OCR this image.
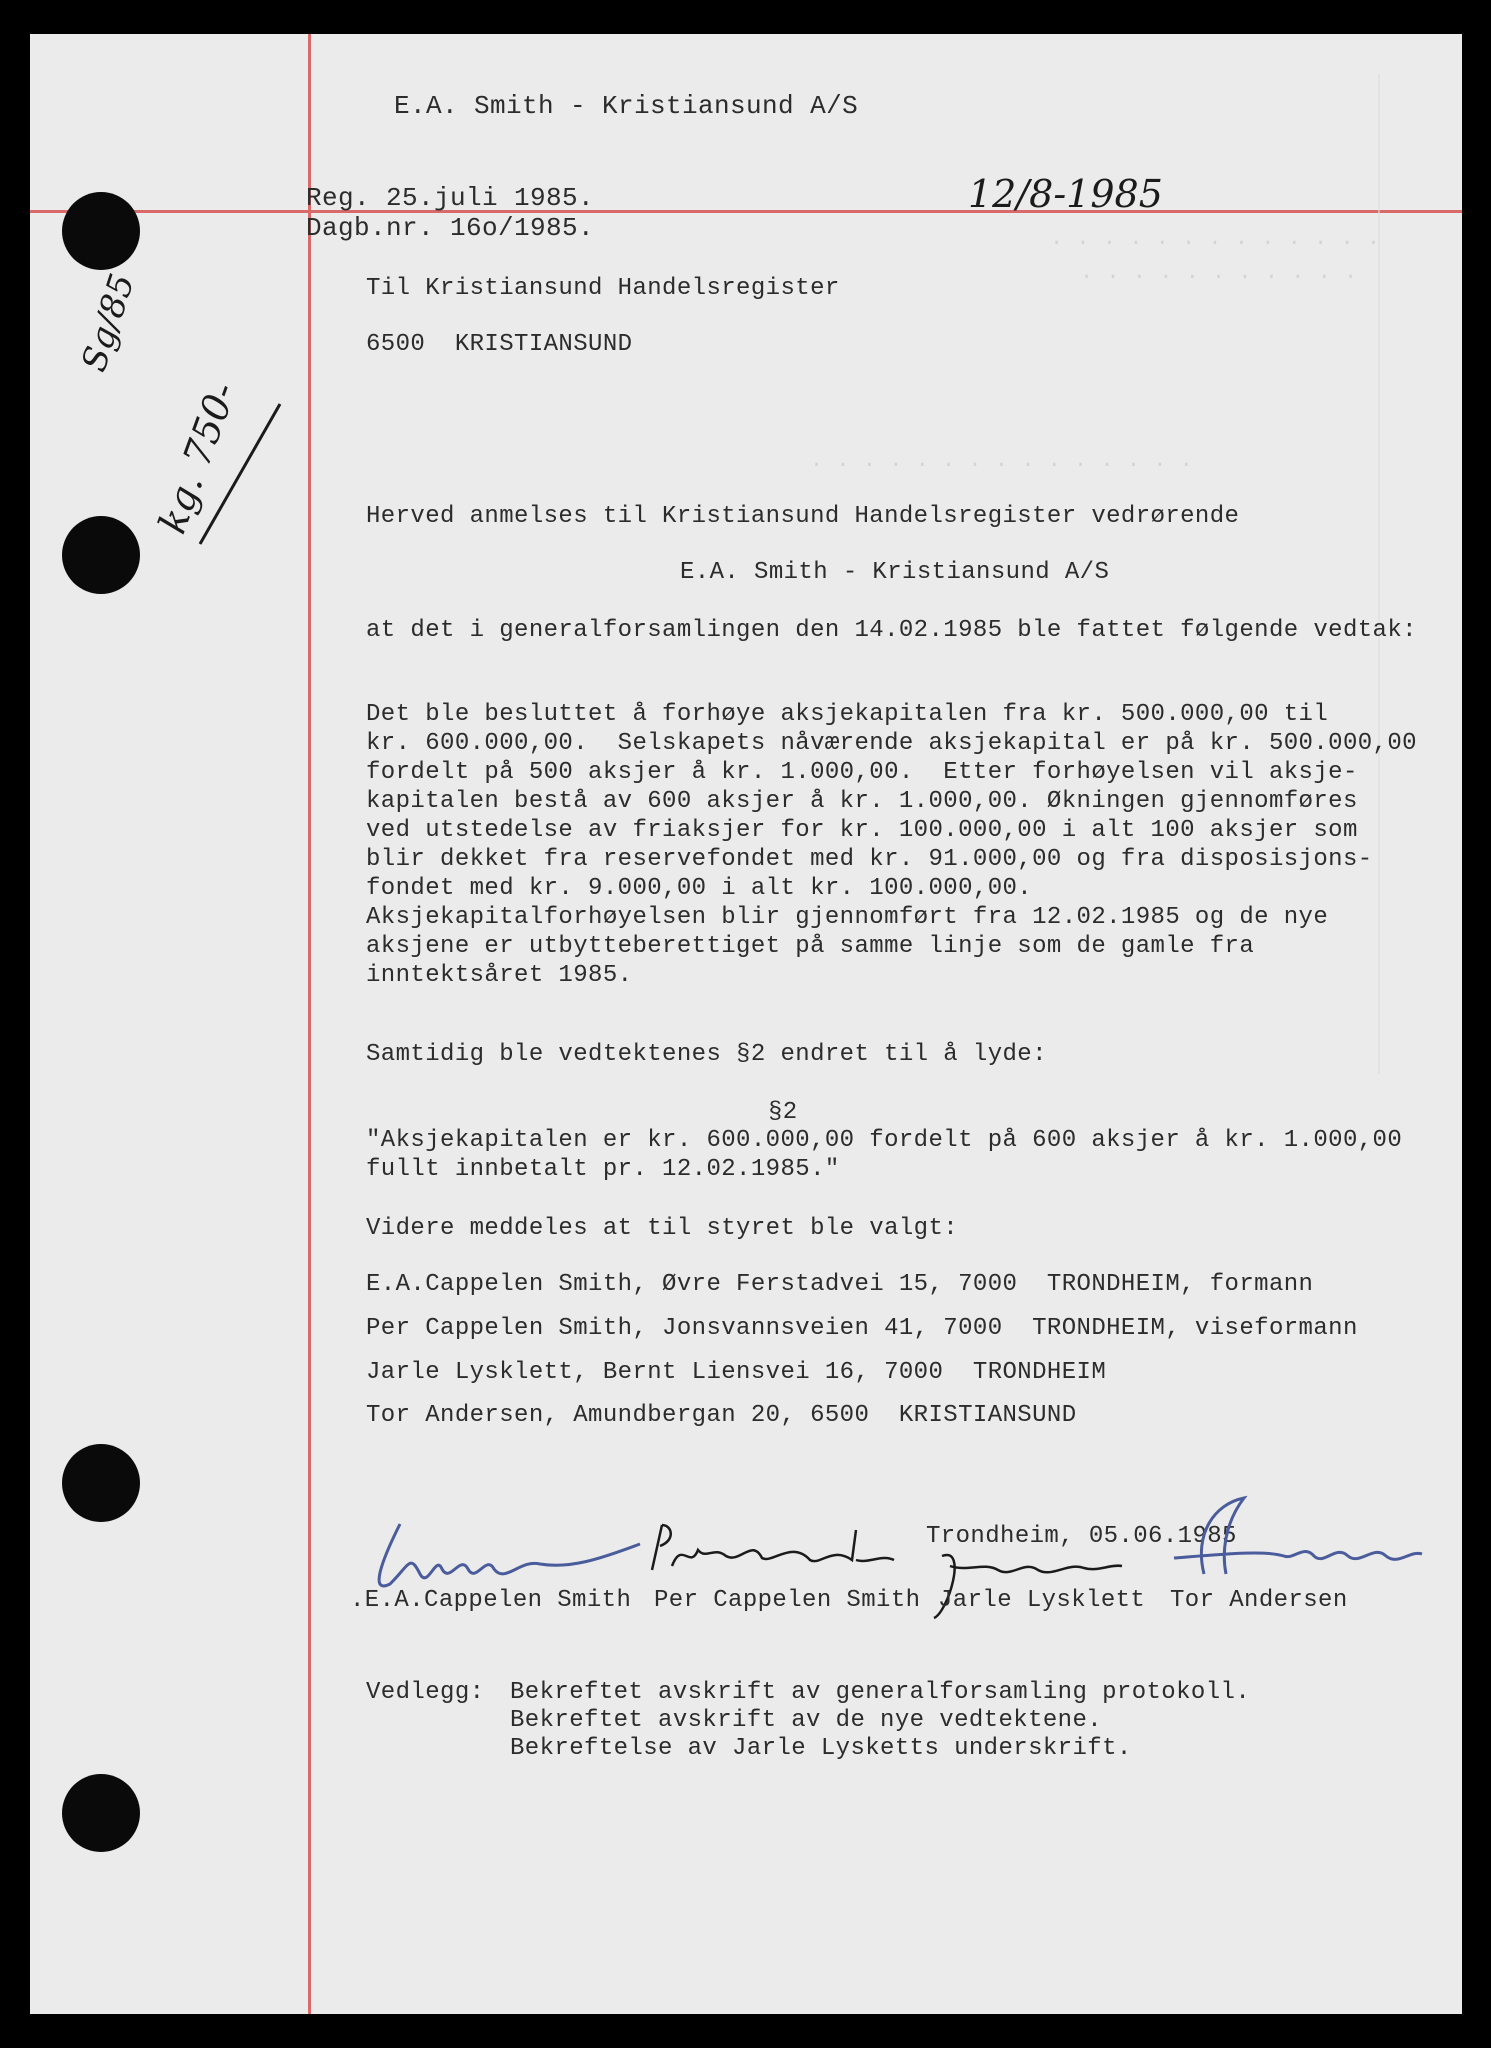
. . . . . . . . . . . . .
. . . . . . . . . . .
. . . . . . . . . . . . . . .
E.A. Smith - Kristiansund A/S
Reg. 25.juli 1985.
Dagb.nr. 16o/1985.
12/8-1985
Sg/85
kg. 750-
Til Kristiansund Handelsregister
6500  KRISTIANSUND
Herved anmelses til Kristiansund Handelsregister vedrørende
E.A. Smith - Kristiansund A/S
at det i generalforsamlingen den 14.02.1985 ble fattet følgende vedtak:
Det ble besluttet å forhøye aksjekapitalen fra kr. 500.000,00 til
kr. 600.000,00.  Selskapets nåværende aksjekapital er på kr. 500.000,00
fordelt på 500 aksjer å kr. 1.000,00.  Etter forhøyelsen vil aksje-
kapitalen bestå av 600 aksjer å kr. 1.000,00. Økningen gjennomføres
ved utstedelse av friaksjer for kr. 100.000,00 i alt 100 aksjer som
blir dekket fra reservefondet med kr. 91.000,00 og fra disposisjons-
fondet med kr. 9.000,00 i alt kr. 100.000,00.
Aksjekapitalforhøyelsen blir gjennomført fra 12.02.1985 og de nye
aksjene er utbytteberettiget på samme linje som de gamle fra
inntektsåret 1985.
Samtidig ble vedtektenes §2 endret til å lyde:
§2
"Aksjekapitalen er kr. 600.000,00 fordelt på 600 aksjer å kr. 1.000,00
fullt innbetalt pr. 12.02.1985."
Videre meddeles at til styret ble valgt:
E.A.Cappelen Smith, Øvre Ferstadvei 15, 7000  TRONDHEIM, formann
Per Cappelen Smith, Jonsvannsveien 41, 7000  TRONDHEIM, viseformann
Jarle Lysklett, Bernt Liensvei 16, 7000  TRONDHEIM
Tor Andersen, Amundbergan 20, 6500  KRISTIANSUND
Trondheim, 05.06.1985
.E.A.Cappelen Smith Per Cappelen Smith Jarle Lysklett Tor Andersen
Vedlegg: Bekreftet avskrift av generalforsamling protokoll.
Bekreftet avskrift av de nye vedtektene.
Bekreftelse av Jarle Lysketts underskrift.
